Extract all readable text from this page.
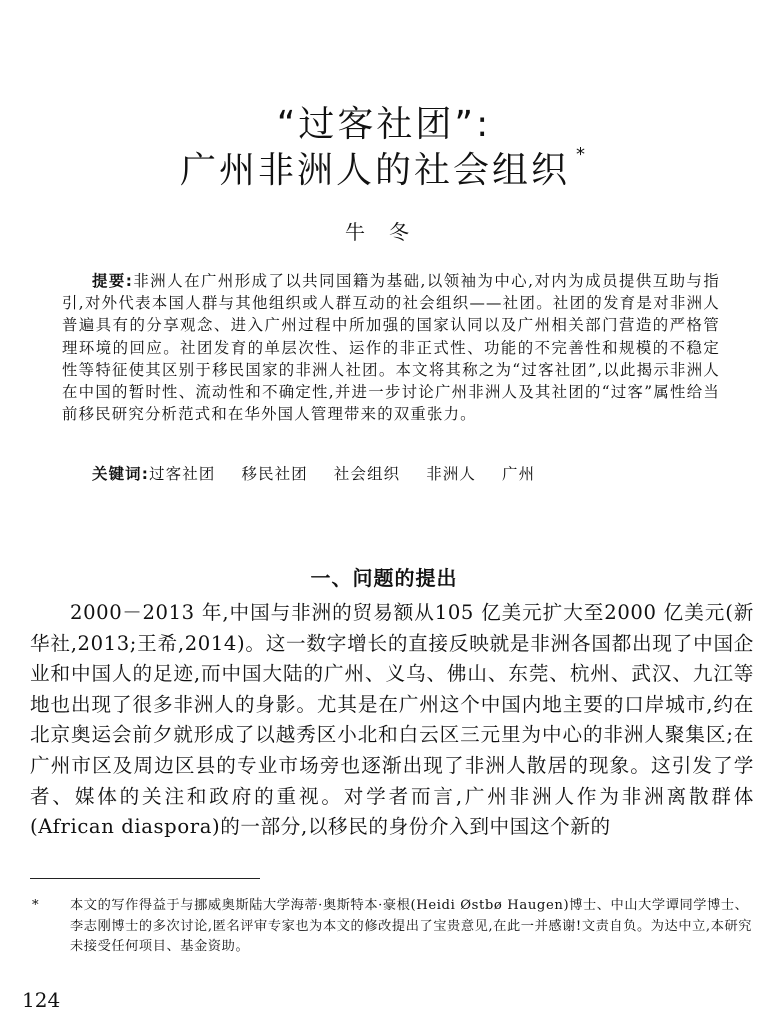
“过客社团”:
广州非洲人的社会组织 *
牛冬
提要:非洲人在广州形成了以共同国籍为基础,以领袖为中心,对内为成员提供互助与指引,对外代表本国人群与其他组织或人群互动的社会组织——社团。社团的发育是对非洲人普遍具有的分享观念、进入广州过程中所加强的国家认同以及广州相关部门营造的严格管理环境的回应。社团发育的单层次性、运作的非正式性、功能的不完善性和规模的不稳定性等特征使其区别于移民国家的非洲人社团。本文将其称之为“过客社团”,以此揭示非洲人在中国的暂时性、流动性和不确定性,并进一步讨论广州非洲人及其社团的“过客”属性给当前移民研究分析范式和在华外国人管理带来的双重张力。
关键词:过客社团 移民社团 社会组织 非洲人 广州
一、问题的提出

2000－2013 年,中国与非洲的贸易额从105 亿美元扩大至2000 亿美元(新华社,2013;王希,2014)。这一数字增长的直接反映就是非洲各国都出现了中国企业和中国人的足迹,而中国大陆的广州、义乌、佛山、东莞、杭州、武汉、九江等地也出现了很多非洲人的身影。尤其是在广州这个中国内地主要的口岸城市,约在北京奥运会前夕就形成了以越秀区小北和白云区三元里为中心的非洲人聚集区;在广州市区及周边区县的专业市场旁也逐渐出现了非洲人散居的现象。这引发了学者、媒体的关注和政府的重视。对学者而言,广州非洲人作为非洲离散群体(African diaspora)的一部分,以移民的身份介入到中国这个新的

* 本文的写作得益于与挪威奥斯陆大学海蒂·奥斯特本·豪根(Heidi Østbø Haugen)博士、中山大学谭同学博士、李志刚博士的多次讨论,匿名评审专家也为本文的修改提出了宝贵意见,在此一并感谢!文责自负。为达中立,本研究未接受任何项目、基金资助。
124
